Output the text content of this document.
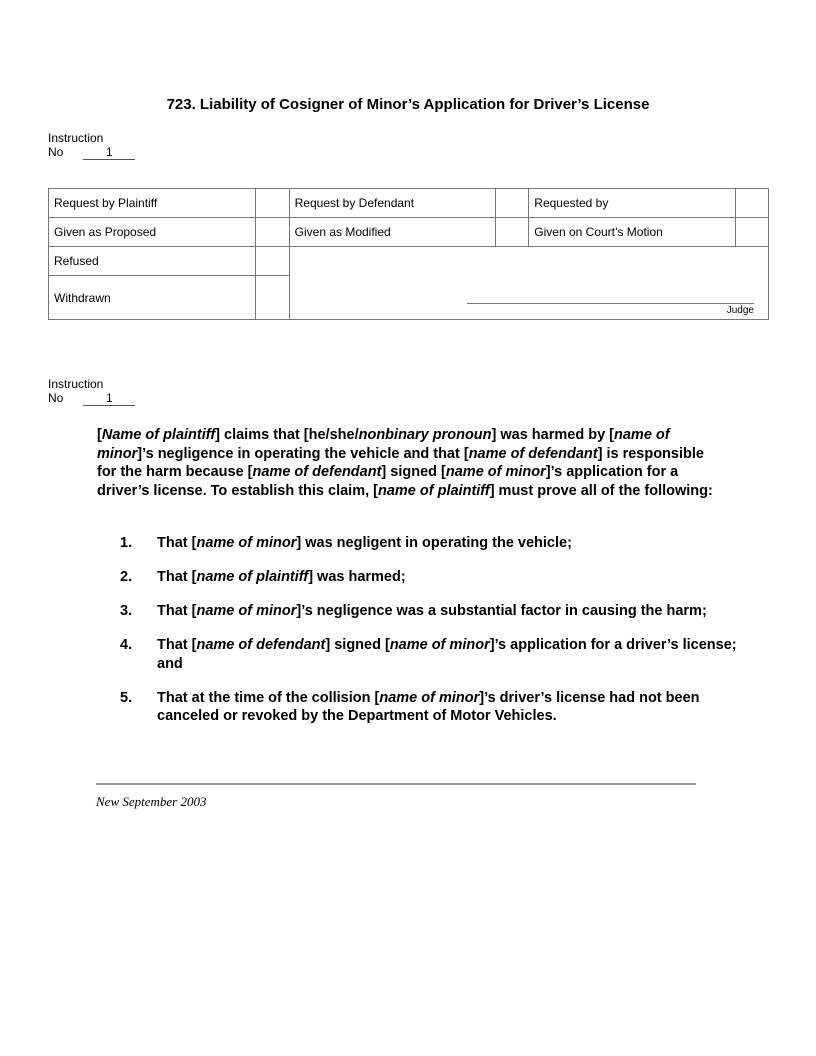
723. Liability of Cosigner of Minor’s Application for Driver’s License
Instruction
No	1
Request by Plaintiff		Request by Defendant		Requested by	
Given as Proposed		Given as Modified		Given on Court’s Motion	
Refused		Judge			

Withdrawn					
Instruction
No	1
[Name of plaintiff] claims that [he/she/nonbinary pronoun] was harmed by [name of minor]’s negligence in operating the vehicle and that [name of defendant] is responsible for the harm because [name of defendant] signed [name of minor]’s application for a driver’s license. To establish this claim, [name of plaintiff] must prove all of the following:
1.	That [name of minor] was negligent in operating the vehicle;
2.	That [name of plaintiff] was harmed;
3.	That [name of minor]’s negligence was a substantial factor in causing the harm;
4.	That [name of defendant] signed [name of minor]’s application for a driver’s license; and
5.	That at the time of the collision [name of minor]’s driver’s license had not been canceled or revoked by the Department of Motor Vehicles.
New September 2003
